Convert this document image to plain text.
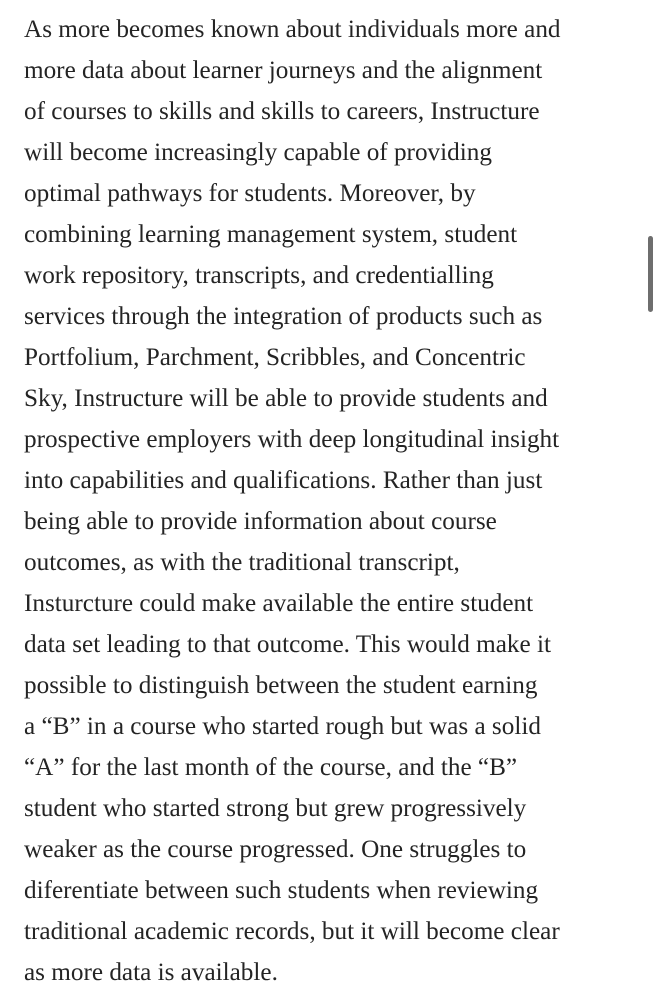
As more becomes known about individuals more and
more data about learner journeys and the alignment
of courses to skills and skills to careers, Instructure
will become increasingly capable of providing
optimal pathways for students. Moreover, by
combining learning management system, student
work repository, transcripts, and credentialling
services through the integration of products such as
Portfolium, Parchment, Scribbles, and Concentric
Sky, Instructure will be able to provide students and
prospective employers with deep longitudinal insight
into capabilities and qualifications. Rather than just
being able to provide information about course
outcomes, as with the traditional transcript,
Insturcture could make available the entire student
data set leading to that outcome. This would make it
possible to distinguish between the student earning
a “B” in a course who started rough but was a solid
“A” for the last month of the course, and the “B”
student who started strong but grew progressively
weaker as the course progressed. One struggles to
diferentiate between such students when reviewing
traditional academic records, but it will become clear
as more data is available.
